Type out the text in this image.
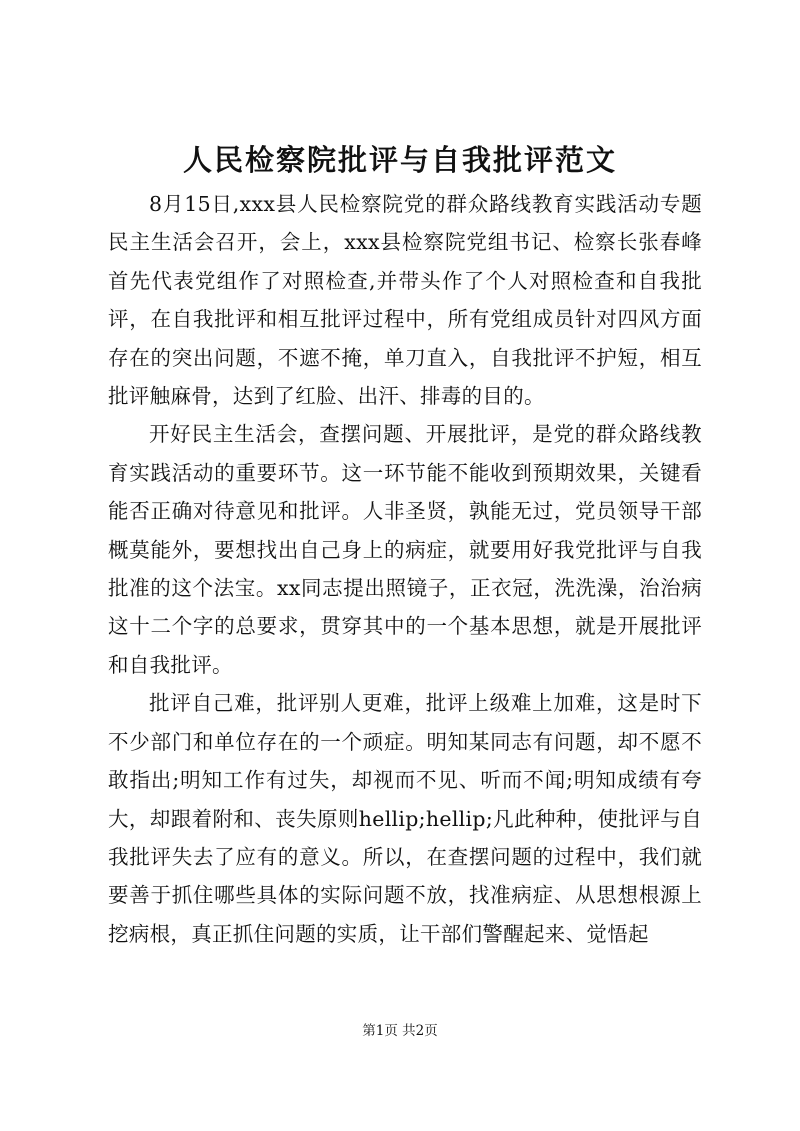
人民检察院批评与自我批评范文

8月15日,xxx县人民检察院党的群众路线教育实践活动专题民主生活会召开，会上，xxx县检察院党组书记、检察长张春峰首先代表党组作了对照检查,并带头作了个人对照检查和自我批评，在自我批评和相互批评过程中，所有党组成员针对四风方面存在的突出问题，不遮不掩，单刀直入，自我批评不护短，相互批评触麻骨，达到了红脸、出汗、排毒的目的。

开好民主生活会，查摆问题、开展批评，是党的群众路线教育实践活动的重要环节。这一环节能不能收到预期效果，关键看能否正确对待意见和批评。人非圣贤，孰能无过，党员领导干部概莫能外，要想找出自己身上的病症，就要用好我党批评与自我批准的这个法宝。xx同志提出照镜子，正衣冠，洗洗澡，治治病这十二个字的总要求，贯穿其中的一个基本思想，就是开展批评和自我批评。

批评自己难，批评别人更难，批评上级难上加难，这是时下不少部门和单位存在的一个顽症。明知某同志有问题，却不愿不敢指出;明知工作有过失，却视而不见、听而不闻;明知成绩有夸大，却跟着附和、丧失原则hellip;hellip;凡此种种，使批评与自我批评失去了应有的意义。所以，在查摆问题的过程中，我们就要善于抓住哪些具体的实际问题不放，找准病症、从思想根源上挖病根，真正抓住问题的实质，让干部们警醒起来、觉悟起

第1页 共2页
